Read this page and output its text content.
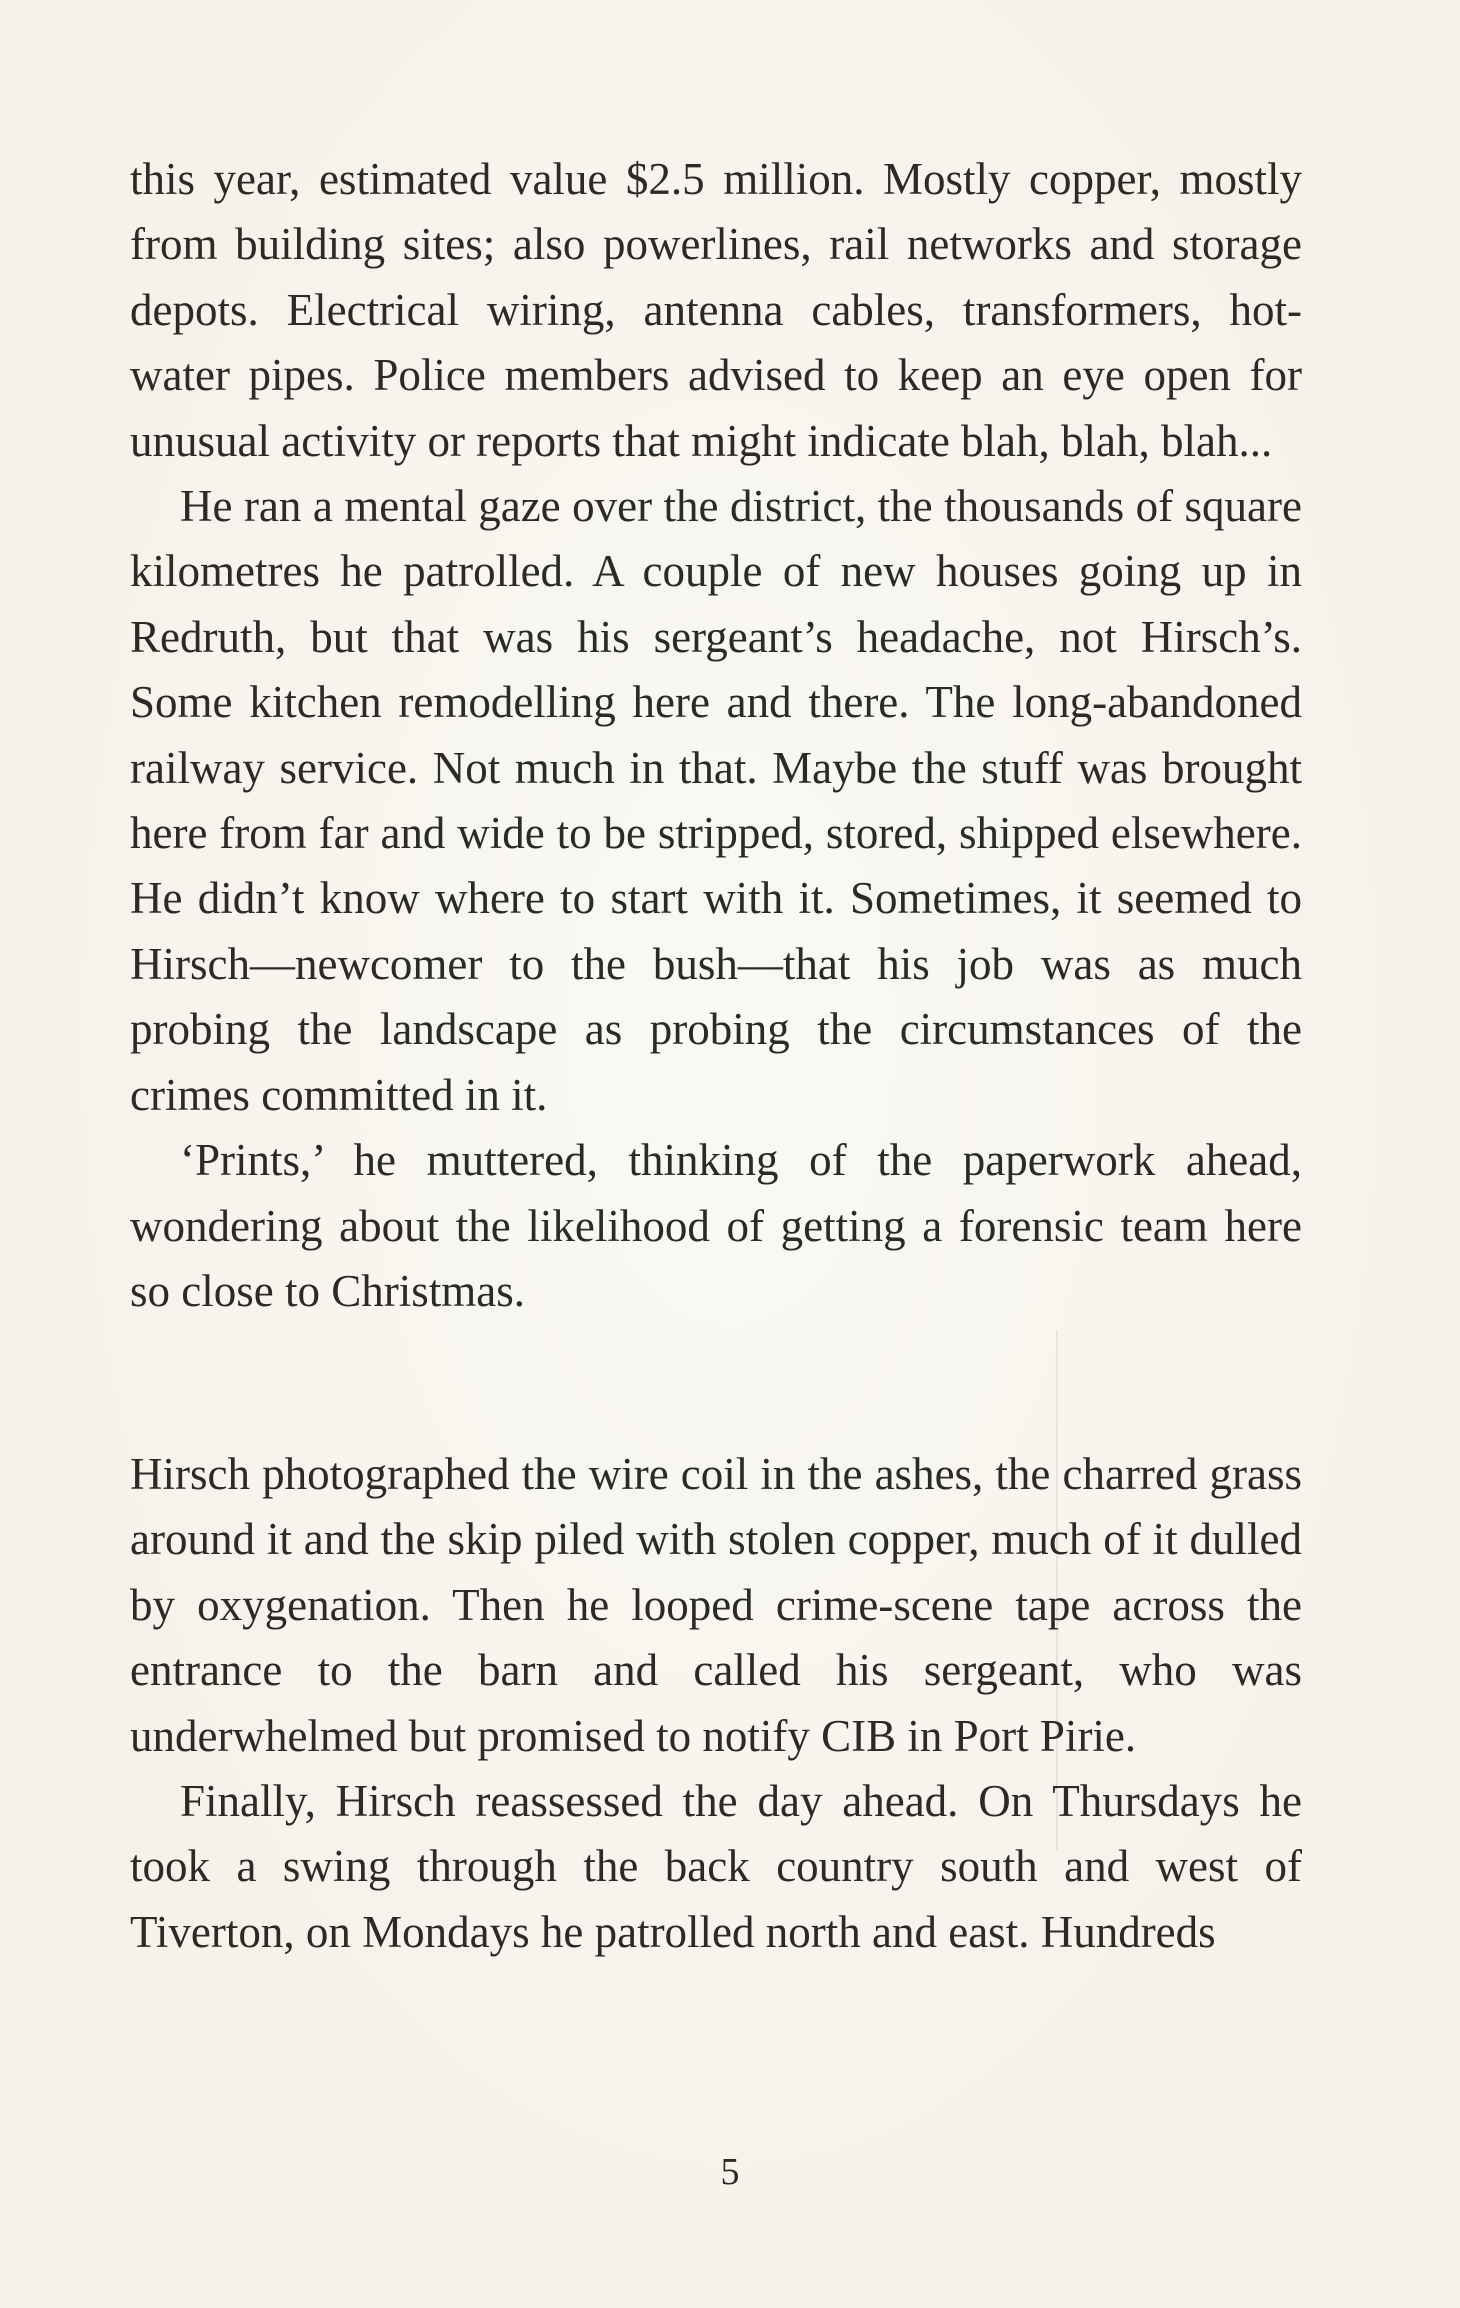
this year, estimated value $2.5 million. Mostly copper, mostly from building sites; also powerlines, rail networks and storage depots. Electrical wiring, antenna cables, transformers, hot-water pipes. Police members advised to keep an eye open for unusual activity or reports that might indicate blah, blah, blah...

He ran a mental gaze over the district, the thousands of square kilometres he patrolled. A couple of new houses going up in Redruth, but that was his sergeant’s headache, not Hirsch’s. Some kitchen remodelling here and there. The long-abandoned railway service. Not much in that. Maybe the stuff was brought here from far and wide to be stripped, stored, shipped elsewhere. He didn’t know where to start with it. Sometimes, it seemed to Hirsch—newcomer to the bush—that his job was as much probing the landscape as probing the circumstances of the crimes committed in it.

‘Prints,’ he muttered, thinking of the paperwork ahead, wondering about the likelihood of getting a forensic team here so close to Christmas.

Hirsch photographed the wire coil in the ashes, the charred grass around it and the skip piled with stolen copper, much of it dulled by oxygenation. Then he looped crime-scene tape across the entrance to the barn and called his sergeant, who was underwhelmed but promised to notify CIB in Port Pirie.

Finally, Hirsch reassessed the day ahead. On Thursdays he took a swing through the back country south and west of Tiverton, on Mondays he patrolled north and east. Hundreds

5
